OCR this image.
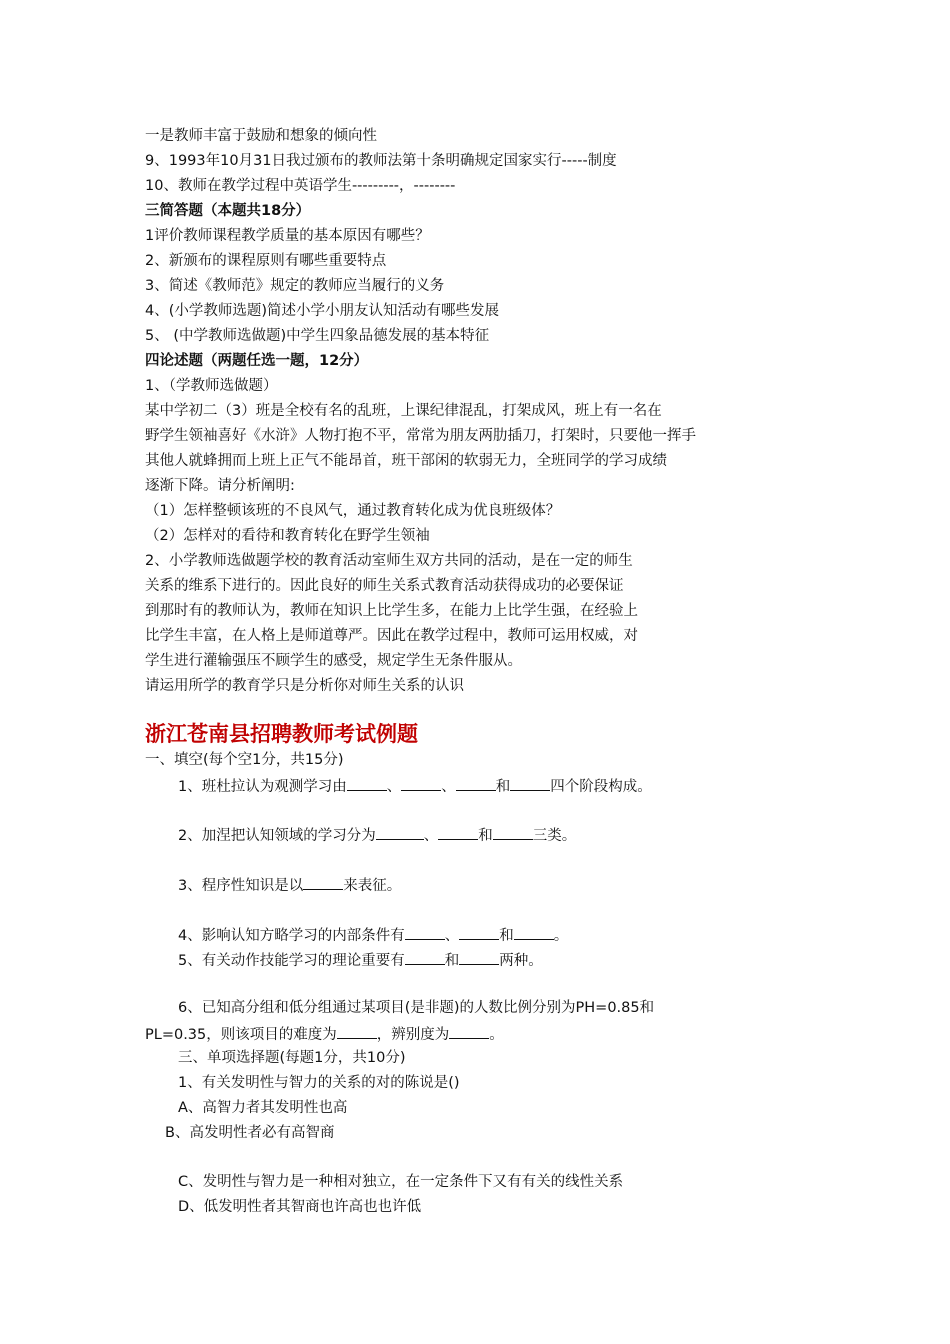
一是教师丰富于鼓励和想象的倾向性
9、1993年10月31日我过颁布的教师法第十条明确规定国家实行-----制度
10、教师在教学过程中英语学生---------，--------
三简答题（本题共18分）
1评价教师课程教学质量的基本原因有哪些？
2、新颁布的课程原则有哪些重要特点
3、简述《教师范》规定的教师应当履行的义务
4、(小学教师选题)简述小学小朋友认知活动有哪些发展
5、 (中学教师选做题)中学生四象品德发展的基本特征
四论述题（两题任选一题，12分）
1、（学教师选做题）
某中学初二（3）班是全校有名的乱班，上课纪律混乱，打架成风，班上有一名在
野学生领袖喜好《水浒》人物打抱不平，常常为朋友两肋插刀，打架时，只要他一挥手
其他人就蜂拥而上班上正气不能昂首，班干部闲的软弱无力，全班同学的学习成绩
逐渐下降。请分析阐明:
（1）怎样整顿该班的不良风气，通过教育转化成为优良班级体？
（2）怎样对的看待和教育转化在野学生领袖
2、小学教师选做题学校的教育活动室师生双方共同的活动，是在一定的师生
关系的维系下进行的。因此良好的师生关系式教育活动获得成功的必要保证
到那时有的教师认为，教师在知识上比学生多，在能力上比学生强，在经验上
比学生丰富，在人格上是师道尊严。因此在教学过程中，教师可运用权威，对
学生进行灌输强压不顾学生的感受，规定学生无条件服从。
请运用所学的教育学只是分析你对师生关系的认识
浙江苍南县招聘教师考试例题
一、填空(每个空1分，共15分)
1、班杜拉认为观测学习由	、	、	和	四个阶段构成。
2、加涅把认知领域的学习分为	、	和	三类。
3、程序性知识是以	来表征。
4、影响认知方略学习的内部条件有	、	和	。
5、有关动作技能学习的理论重要有	和	两种。
6、已知高分组和低分组通过某项目(是非题)的人数比例分别为PH=0.85和
PL=0.35，则该项目的难度为	，辨别度为	。
三、单项选择题(每题1分，共10分)
1、有关发明性与智力的关系的对的陈说是()
A、高智力者其发明性也高
B、高发明性者必有高智商
C、发明性与智力是一种相对独立，在一定条件下又有有关的线性关系
D、低发明性者其智商也许高也也许低
